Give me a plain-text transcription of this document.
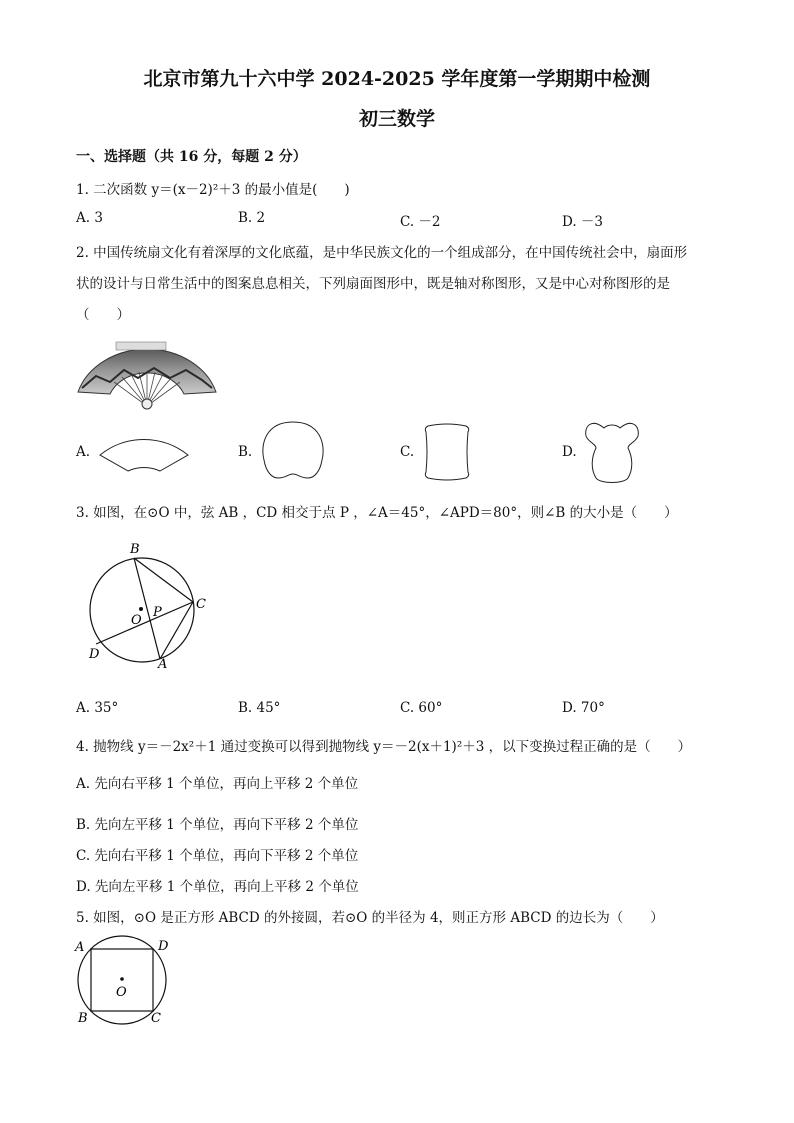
北京市第九十六中学 2024-2025 学年度第一学期期中检测
初三数学
一、选择题（共 16 分，每题 2 分）
1. 二次函数 y＝(x－2)²＋3 的最小值是(　　)
A. 3	B. 2	C. －2	D. －3
2. 中国传统扇文化有着深厚的文化底蕴，是中华民族文化的一个组成部分，在中国传统社会中，扇面形
状的设计与日常生活中的图案息息相关，下列扇面图形中，既是轴对称图形，又是中心对称图形的是
（　　）
A.	B.	C.	D.
3. 如图，在⊙O 中，弦 AB ，CD 相交于点 P ，∠A＝45°，∠APD＝80°，则∠B 的大小是（　　）
B
C
D
A
O
P
A. 35°	B. 45°	C. 60°	D. 70°
4. 抛物线 y＝－2x²＋1 通过变换可以得到抛物线 y＝－2(x＋1)²＋3 ，以下变换过程正确的是（　　）
A. 先向右平移 1 个单位，再向上平移 2 个单位
B. 先向左平移 1 个单位，再向下平移 2 个单位
C. 先向右平移 1 个单位，再向下平移 2 个单位
D. 先向左平移 1 个单位，再向上平移 2 个单位
5. 如图，⊙O 是正方形 ABCD 的外接圆，若⊙O 的半径为 4，则正方形 ABCD 的边长为（　　）
A	D
B	C
O
